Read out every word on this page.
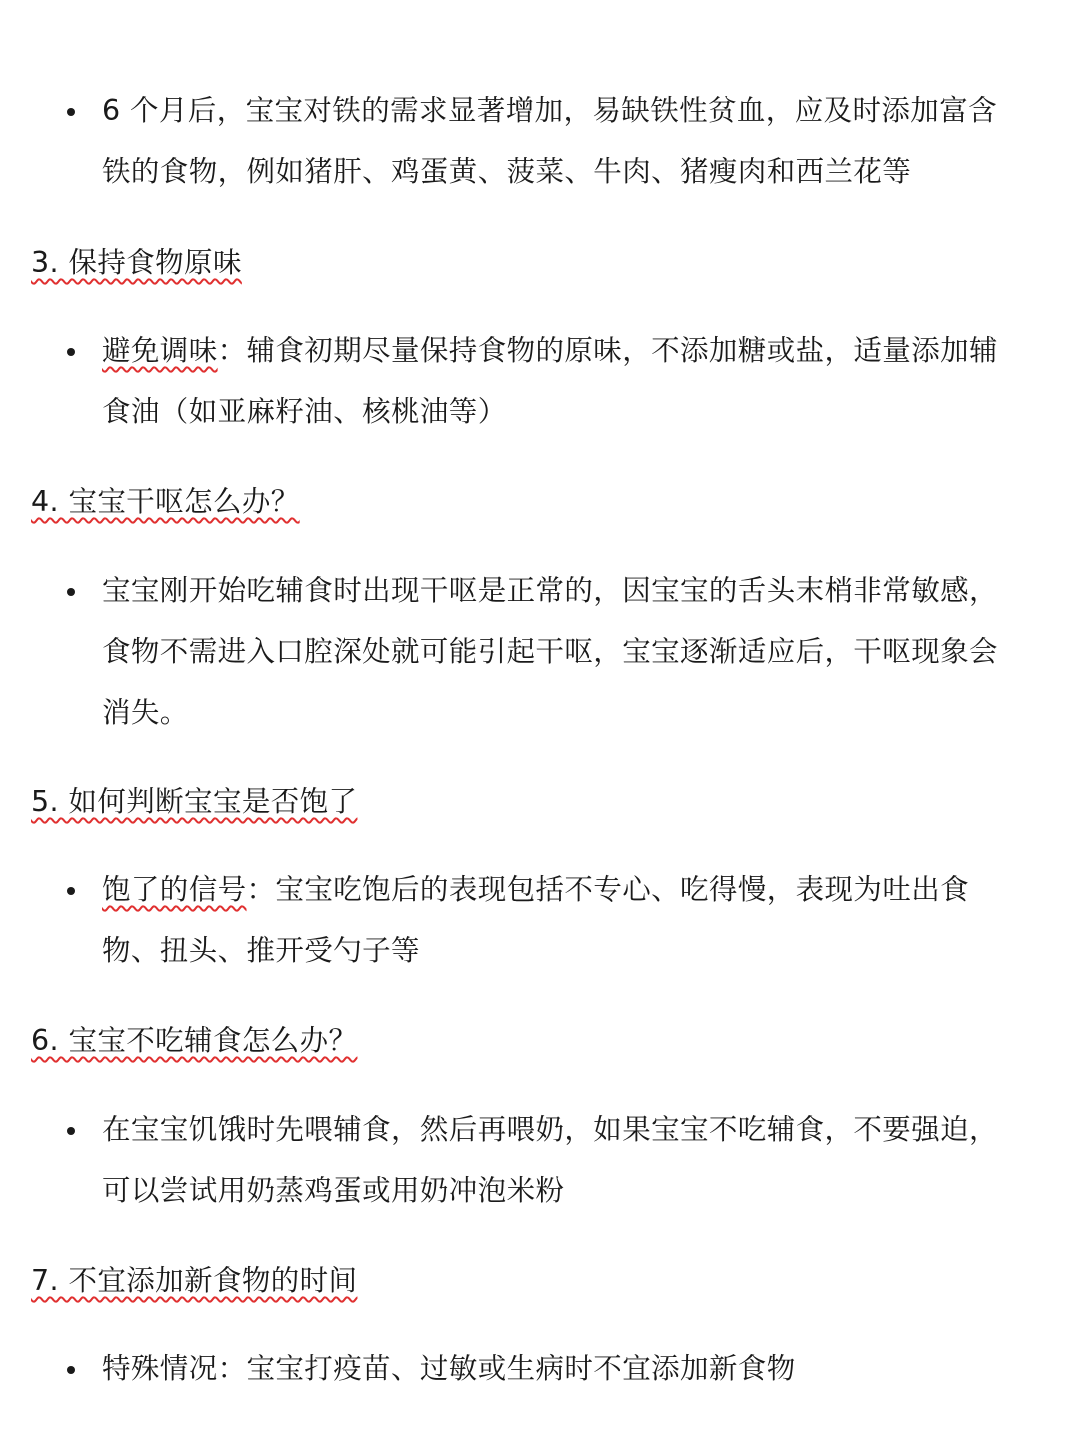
6 个月后，宝宝对铁的需求显著增加，易缺铁性贫血，应及时添加富含铁的食物，例如猪肝、鸡蛋黄、菠菜、牛肉、猪瘦肉和西兰花等
3. 保持食物原味
避免调味：辅食初期尽量保持食物的原味，不添加糖或盐，适量添加辅食油（如亚麻籽油、核桃油等）
4. 宝宝干呕怎么办？
宝宝刚开始吃辅食时出现干呕是正常的，因宝宝的舌头末梢非常敏感，食物不需进入口腔深处就可能引起干呕，宝宝逐渐适应后，干呕现象会消失。
5. 如何判断宝宝是否饱了
饱了的信号：宝宝吃饱后的表现包括不专心、吃得慢，表现为吐出食物、扭头、推开受勺子等
6. 宝宝不吃辅食怎么办？
在宝宝饥饿时先喂辅食，然后再喂奶，如果宝宝不吃辅食，不要强迫，可以尝试用奶蒸鸡蛋或用奶冲泡米粉
7. 不宜添加新食物的时间
特殊情况：宝宝打疫苗、过敏或生病时不宜添加新食物
